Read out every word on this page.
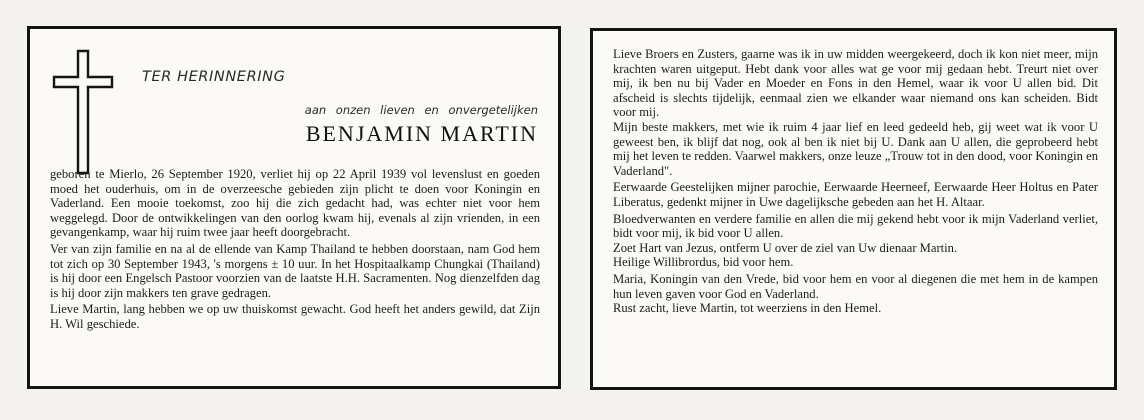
TER HERINNERING
aan onzen lieven en onvergetelijken
BENJAMIN MARTIN

geboren te Mierlo, 26 September 1920, verliet hij op 22 April 1939 vol levenslust en goeden moed het ouderhuis, om in de overzeesche gebieden zijn plicht te doen voor Koningin en Vaderland. Een mooie toekomst, zoo hij die zich gedacht had, was echter niet voor hem weggelegd. Door de ontwikkelingen van den oorlog kwam hij, evenals al zijn vrienden, in een gevangenkamp, waar hij ruim twee jaar heeft doorgebracht.

Ver van zijn familie en na al de ellende van Kamp Thailand te hebben doorstaan, nam God hem tot zich op 30 September 1943, 's morgens ± 10 uur. In het Hospitaalkamp Chungkai (Thailand) is hij door een Engelsch Pastoor voorzien van de laatste H.H. Sacramenten. Nog dienzelfden dag is hij door zijn makkers ten grave gedragen.

Lieve Martin, lang hebben we op uw thuiskomst gewacht. God heeft het anders gewild, dat Zijn H. Wil geschiede.

Lieve Broers en Zusters, gaarne was ik in uw midden weergekeerd, doch ik kon niet meer, mijn krachten waren uitgeput. Hebt dank voor alles wat ge voor mij gedaan hebt. Treurt niet over mij, ik ben nu bij Vader en Moeder en Fons in den Hemel, waar ik voor U allen bid. Dit afscheid is slechts tijdelijk, eenmaal zien we elkander waar niemand ons kan scheiden. Bidt voor mij.

Mijn beste makkers, met wie ik ruim 4 jaar lief en leed gedeeld heb, gij weet wat ik voor U geweest ben, ik blijf dat nog, ook al ben ik niet bij U. Dank aan U allen, die geprobeerd hebt mij het leven te redden. Vaarwel makkers, onze leuze „Trouw tot in den dood, voor Koningin en Vaderland".

Eerwaarde Geestelijken mijner parochie, Eerwaarde Heerneef, Eerwaarde Heer Holtus en Pater Liberatus, gedenkt mijner in Uwe dagelijksche gebeden aan het H. Altaar.

Bloedverwanten en verdere familie en allen die mij gekend hebt voor ik mijn Vaderland verliet, bidt voor mij, ik bid voor U allen.

Zoet Hart van Jezus, ontferm U over de ziel van Uw dienaar Martin.

Heilige Willibrordus, bid voor hem.

Maria, Koningin van den Vrede, bid voor hem en voor al diegenen die met hem in de kampen hun leven gaven voor God en Vaderland.

Rust zacht, lieve Martin, tot weerziens in den Hemel.
